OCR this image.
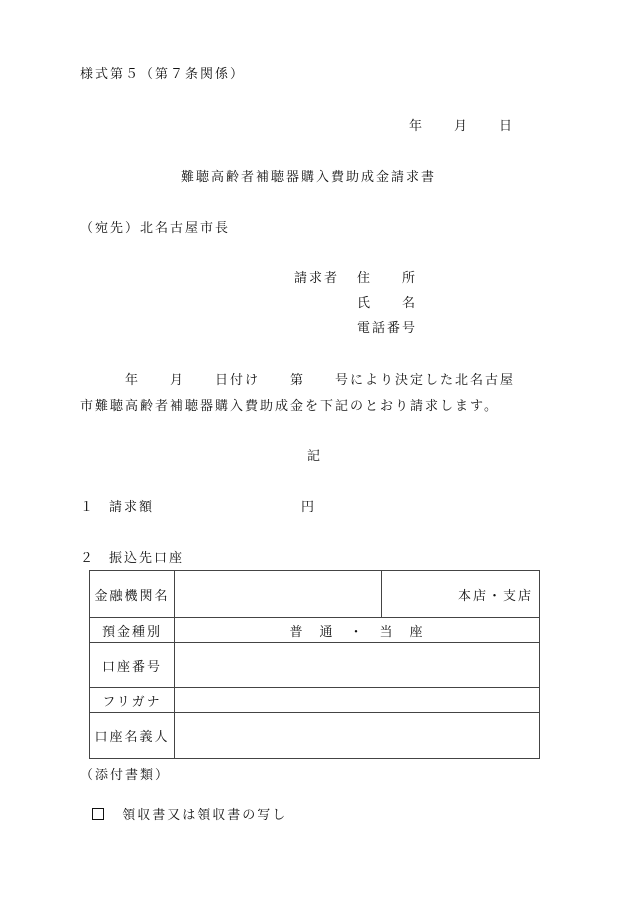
様式第５（第７条関係）
年　　月　　日
難聴高齢者補聴器購入費助成金請求書
（宛先）北名古屋市長
請求者 住　　所
氏　　名
電話番号
年　　月　　日付け　　第　　号により決定した北名古屋
市難聴高齢者補聴器購入費助成金を下記のとおり請求します。
記
１ 請求額	円
２ 振込先口座
金融機関名		本店・支店
預金種別	普　通　・　当　座	
口座番号		
フリガナ		
口座名義人		
（添付書類）

領収書又は領収書の写し
